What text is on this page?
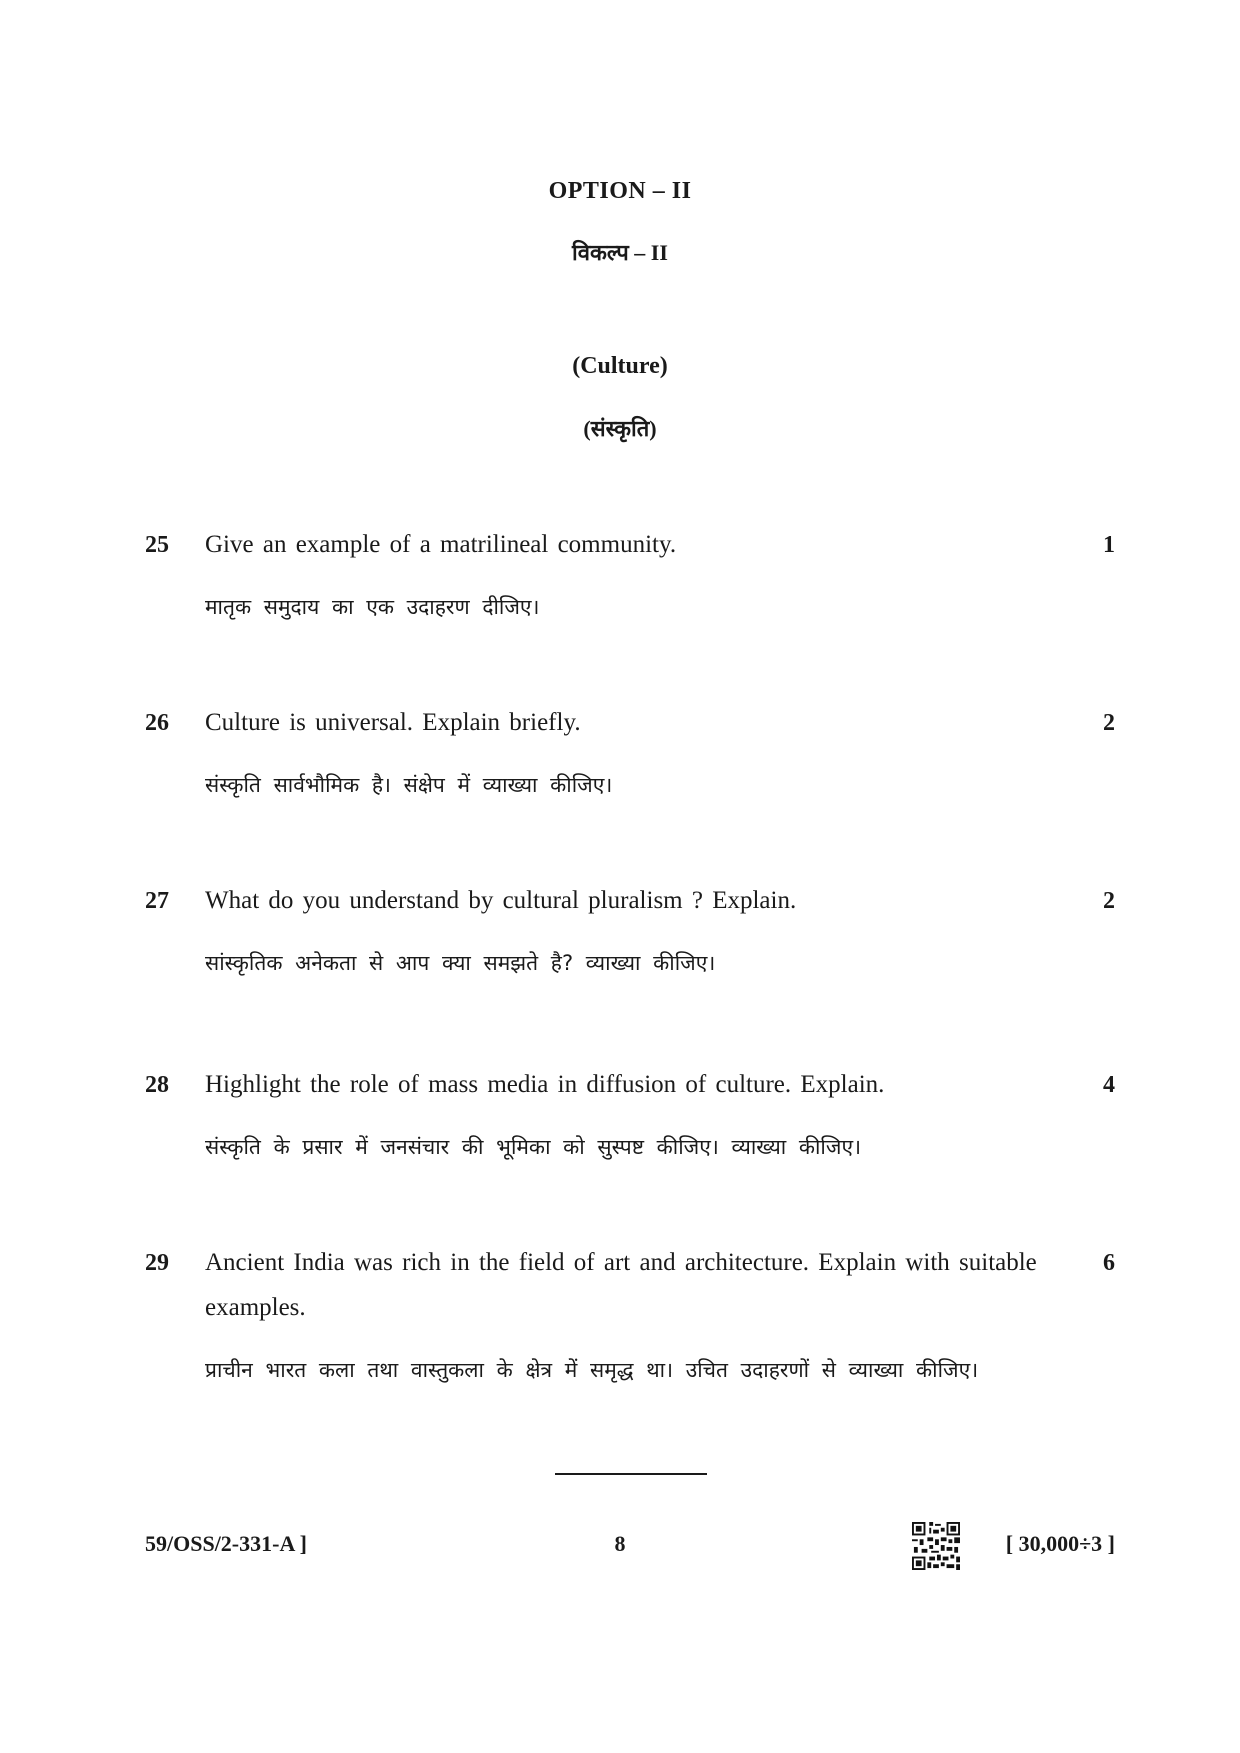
OPTION – II
विकल्प – II
(Culture)
(संस्कृति)
25 Give an example of a matrilineal community.
मातृक समुदाय का एक उदाहरण दीजिए।
1
26 Culture is universal. Explain briefly.
संस्कृति सार्वभौमिक है। संक्षेप में व्याख्या कीजिए।
2
27 What do you understand by cultural pluralism ? Explain.
सांस्कृतिक अनेकता से आप क्या समझते है? व्याख्या कीजिए।
2
28 Highlight the role of mass media in diffusion of culture. Explain.
संस्कृति के प्रसार में जनसंचार की भूमिका को सुस्पष्ट कीजिए। व्याख्या कीजिए।
4
29 Ancient India was rich in the field of art and architecture. Explain with suitable examples.
प्राचीन भारत कला तथा वास्तुकला के क्षेत्र में समृद्ध था। उचित उदाहरणों से व्याख्या कीजिए।
6
59/OSS/2-331-A ]	8	[ 30,000÷3 ]
